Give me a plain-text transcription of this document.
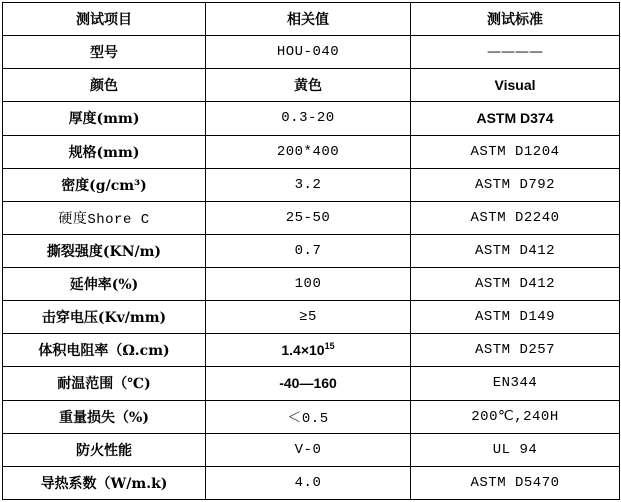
测试项目	相关值	测试标准
型号	HOU-040	————
颜色	黄色	Visual
厚度(mm)	0.3-20	ASTM D374
规格(mm)	200*400	ASTM D1204
密度(g/cm³)	3.2	ASTM D792
硬度Shore C	25-50	ASTM D2240
撕裂强度(KN/m)	0.7	ASTM D412
延伸率(%)	100	ASTM D412
击穿电压(Kv/mm)	≥5	ASTM D149
体积电阻率（Ω.cm)	$1.4\times 10^{15}$	ASTM D257
耐温范围（℃)	-40—160	EN344
重量损失（%)	＜0.5	200℃,240H
防火性能	V-0	UL 94
导热系数（W/m.k)	4.0	ASTM D5470
